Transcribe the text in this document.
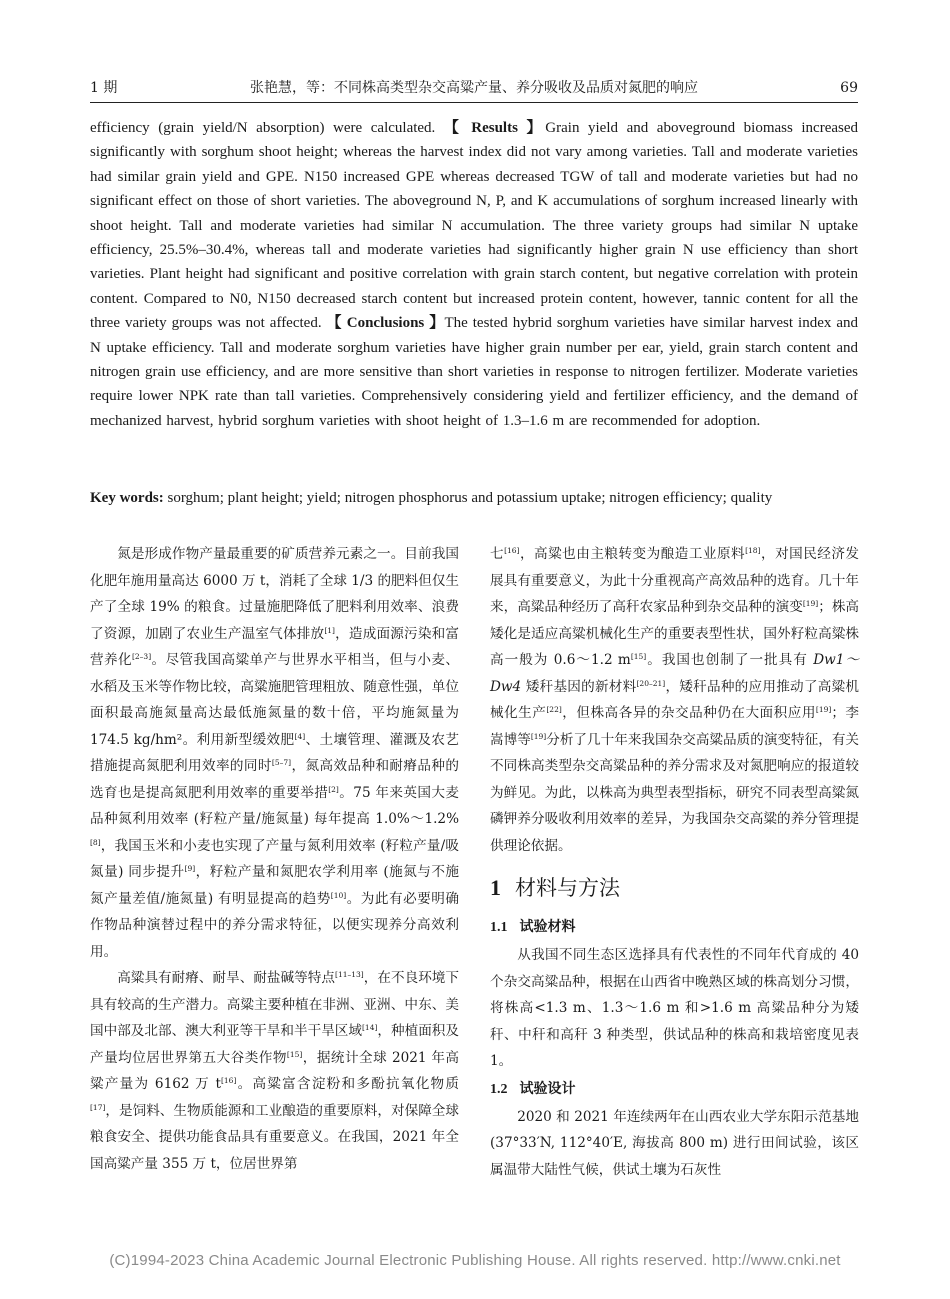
1 期	张艳慧，等：不同株高类型杂交高粱产量、养分吸收及品质对氮肥的响应	69
efficiency (grain yield/N absorption) were calculated. 【 Results 】Grain yield and aboveground biomass increased significantly with sorghum shoot height; whereas the harvest index did not vary among varieties. Tall and moderate varieties had similar grain yield and GPE. N150 increased GPE whereas decreased TGW of tall and moderate varieties but had no significant effect on those of short varieties. The aboveground N, P, and K accumulations of sorghum increased linearly with shoot height. Tall and moderate varieties had similar N accumulation. The three variety groups had similar N uptake efficiency, 25.5%–30.4%, whereas tall and moderate varieties had significantly higher grain N use efficiency than short varieties. Plant height had significant and positive correlation with grain starch content, but negative correlation with protein content. Compared to N0, N150 decreased starch content but increased protein content, however, tannic content for all the three variety groups was not affected. 【 Conclusions 】The tested hybrid sorghum varieties have similar harvest index and N uptake efficiency. Tall and moderate sorghum varieties have higher grain number per ear, yield, grain starch content and nitrogen grain use efficiency, and are more sensitive than short varieties in response to nitrogen fertilizer. Moderate varieties require lower NPK rate than tall varieties. Comprehensively considering yield and fertilizer efficiency, and the demand of mechanized harvest, hybrid sorghum varieties with shoot height of 1.3–1.6 m are recommended for adoption.
Key words: sorghum; plant height; yield; nitrogen phosphorus and potassium uptake; nitrogen efficiency; quality

氮是形成作物产量最重要的矿质营养元素之一。目前我国化肥年施用量高达 6000 万 t，消耗了全球 1/3 的肥料但仅生产了全球 19% 的粮食。过量施肥降低了肥料利用效率、浪费了资源，加剧了农业生产温室气体排放[1]，造成面源污染和富营养化[2–3]。尽管我国高粱单产与世界水平相当，但与小麦、水稻及玉米等作物比较，高粱施肥管理粗放、随意性强，单位面积最高施氮量高达最低施氮量的数十倍，平均施氮量为 174.5 kg/hm²。利用新型缓效肥[4]、土壤管理、灌溉及农艺措施提高氮肥利用效率的同时[5–7]，氮高效品种和耐瘠品种的选育也是提高氮肥利用效率的重要举措[2]。75 年来英国大麦品种氮利用效率 (籽粒产量/施氮量) 每年提高 1.0%～1.2%[8]，我国玉米和小麦也实现了产量与氮利用效率 (籽粒产量/吸氮量) 同步提升[9]，籽粒产量和氮肥农学利用率 (施氮与不施氮产量差值/施氮量) 有明显提高的趋势[10]。为此有必要明确作物品种演替过程中的养分需求特征，以便实现养分高效利用。

高粱具有耐瘠、耐旱、耐盐碱等特点[11–13]，在不良环境下具有较高的生产潜力。高粱主要种植在非洲、亚洲、中东、美国中部及北部、澳大利亚等干旱和半干旱区域[14]，种植面积及产量均位居世界第五大谷类作物[15]，据统计全球 2021 年高粱产量为 6162 万 t[16]。高粱富含淀粉和多酚抗氧化物质[17]，是饲料、生物质能源和工业酿造的重要原料，对保障全球粮食安全、提供功能食品具有重要意义。在我国，2021 年全国高粱产量 355 万 t，位居世界第

七[16]，高粱也由主粮转变为酿造工业原料[18]，对国民经济发展具有重要意义，为此十分重视高产高效品种的选育。几十年来，高粱品种经历了高秆农家品种到杂交品种的演变[19]；株高矮化是适应高粱机械化生产的重要表型性状，国外籽粒高粱株高一般为 0.6～1.2 m[15]。我国也创制了一批具有 Dw1～Dw4 矮秆基因的新材料[20–21]，矮秆品种的应用推动了高粱机械化生产[22]，但株高各异的杂交品种仍在大面积应用[19]；李嵩博等[19]分析了几十年来我国杂交高粱品质的演变特征，有关不同株高类型杂交高粱品种的养分需求及对氮肥响应的报道较为鲜见。为此，以株高为典型表型指标，研究不同表型高粱氮磷钾养分吸收利用效率的差异，为我国杂交高粱的养分管理提供理论依据。

1 材料与方法
1.1 试验材料

从我国不同生态区选择具有代表性的不同年代育成的 40 个杂交高粱品种，根据在山西省中晚熟区域的株高划分习惯，将株高<1.3 m、1.3～1.6 m 和>1.6 m 高粱品种分为矮秆、中秆和高秆 3 种类型，供试品种的株高和栽培密度见表 1。

1.2 试验设计

2020 和 2021 年连续两年在山西农业大学东阳示范基地 (37°33′N, 112°40′E, 海拔高 800 m) 进行田间试验，该区属温带大陆性气候，供试土壤为石灰性

(C)1994-2023 China Academic Journal Electronic Publishing House. All rights reserved. http://www.cnki.net
